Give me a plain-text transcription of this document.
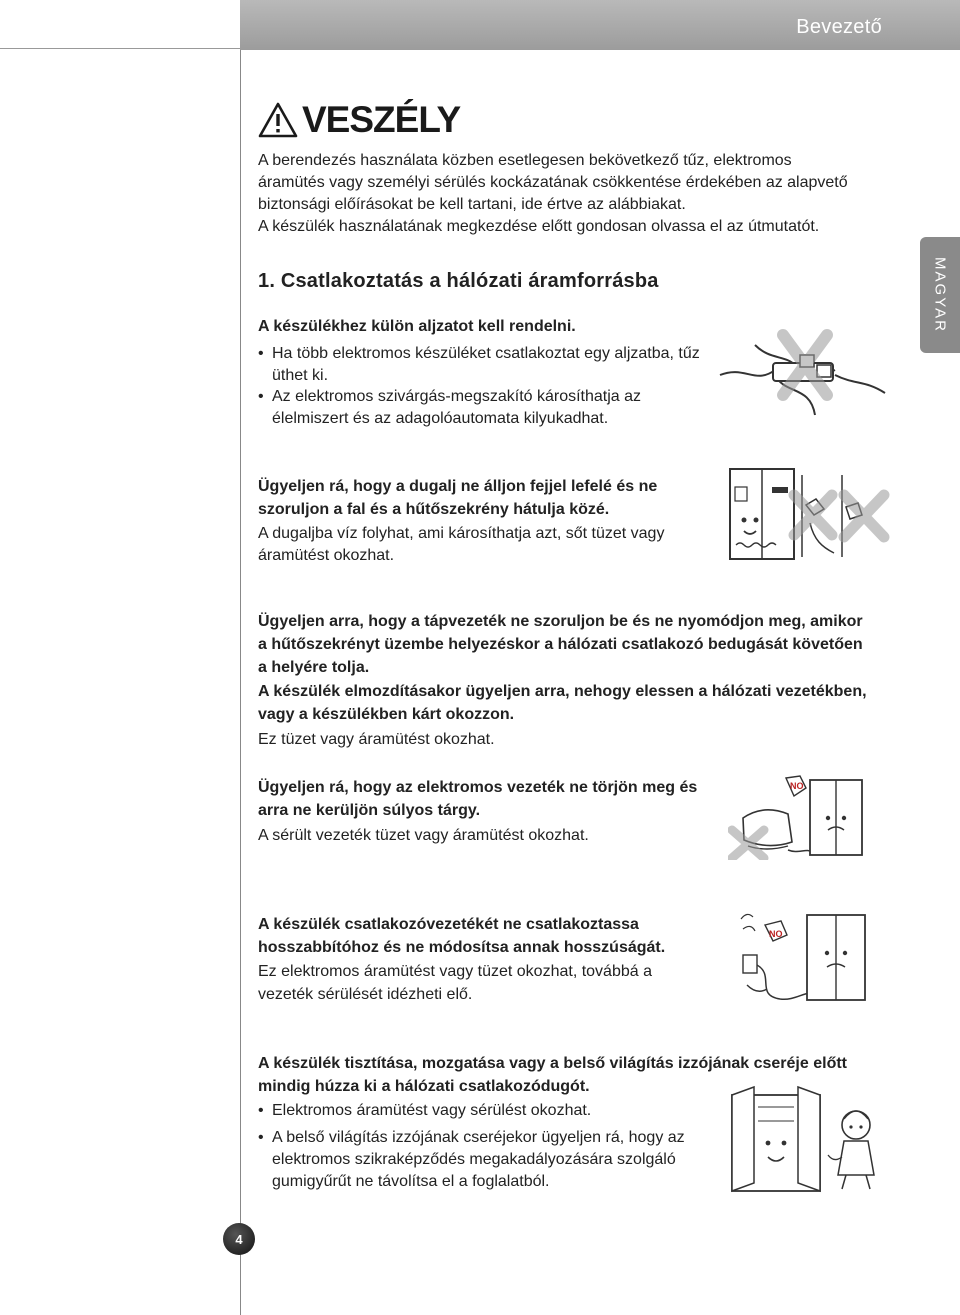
Bevezető
MAGYAR
VESZÉLY
A berendezés használata közben esetlegesen bekövetkező tűz, elektromos
áramütés vagy személyi sérülés kockázatának csökkentése érdekében az alapvető
biztonsági előírásokat be kell tartani, ide értve az alábbiakat.
A készülék használatának megkezdése előtt gondosan olvassa el az útmutatót.
1. Csatlakoztatás a hálózati áramforrásba
A készülékhez külön aljzatot kell rendelni.
• Ha több elektromos készüléket csatlakoztat egy aljzatba, tűz
üthet ki.
• Az elektromos szivárgás-megszakító károsíthatja az
élelmiszert és az adagolóautomata kilyukadhat.
Ügyeljen rá, hogy a dugalj ne álljon fejjel lefelé és ne
szoruljon a fal és a hűtőszekrény hátulja közé.
A dugaljba víz folyhat, ami károsíthatja azt, sőt tüzet vagy
áramütést okozhat.
Ügyeljen arra, hogy a tápvezeték ne szoruljon be és ne nyomódjon meg, amikor
a hűtőszekrényt üzembe helyezéskor a hálózati csatlakozó bedugását követően
a helyére tolja.
A készülék elmozdításakor ügyeljen arra, nehogy elessen a hálózati vezetékben,
vagy a készülékben kárt okozzon.
Ez tüzet vagy áramütést okozhat.
Ügyeljen rá, hogy az elektromos vezeték ne törjön meg és
arra ne kerüljön súlyos tárgy.
A sérült vezeték tüzet vagy áramütést okozhat.
NO
A készülék csatlakozóvezetékét ne csatlakoztassa
hosszabbítóhoz és ne módosítsa annak hosszúságát.
Ez elektromos áramütést vagy tüzet okozhat, továbbá a
vezeték sérülését idézheti elő.
NO
A készülék tisztítása, mozgatása vagy a belső világítás izzójának cseréje előtt
mindig húzza ki a hálózati csatlakozódugót.
• Elektromos áramütést vagy sérülést okozhat.
• A belső világítás izzójának cseréjekor ügyeljen rá, hogy az
elektromos szikraképződés megakadályozására szolgáló
gumigyűrűt ne távolítsa el a foglalatból.
4
